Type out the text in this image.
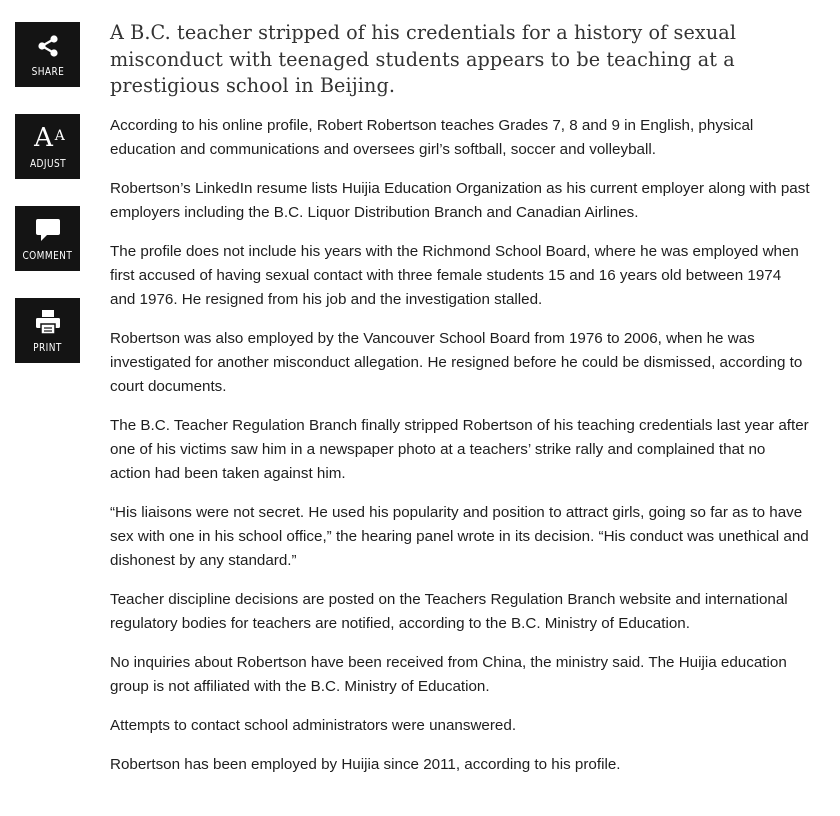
SHARE
A A
ADJUST
COMMENT
PRINT

A B.C. teacher stripped of his credentials for a history of sexual misconduct with teenaged students appears to be teaching at a prestigious school in Beijing.

According to his online profile, Robert Robertson teaches Grades 7, 8 and 9 in English, physical education and communications and oversees girl’s softball, soccer and volleyball.

Robertson’s LinkedIn resume lists Huijia Education Organization as his current employer along with past employers including the B.C. Liquor Distribution Branch and Canadian Airlines.

The profile does not include his years with the Richmond School Board, where he was employed when first accused of having sexual contact with three female students 15 and 16 years old between 1974 and 1976. He resigned from his job and the investigation stalled.

Robertson was also employed by the Vancouver School Board from 1976 to 2006, when he was investigated for another misconduct allegation. He resigned before he could be dismissed, according to court documents.

The B.C. Teacher Regulation Branch finally stripped Robertson of his teaching credentials last year after one of his victims saw him in a newspaper photo at a teachers’ strike rally and complained that no action had been taken against him.

“His liaisons were not secret. He used his popularity and position to attract girls, going so far as to have sex with one in his school office,” the hearing panel wrote in its decision. “His conduct was unethical and dishonest by any standard.”

Teacher discipline decisions are posted on the Teachers Regulation Branch website and international regulatory bodies for teachers are notified, according to the B.C. Ministry of Education.

No inquiries about Robertson have been received from China, the ministry said. The Huijia education group is not affiliated with the B.C. Ministry of Education.

Attempts to contact school administrators were unanswered.

Robertson has been employed by Huijia since 2011, according to his profile.
